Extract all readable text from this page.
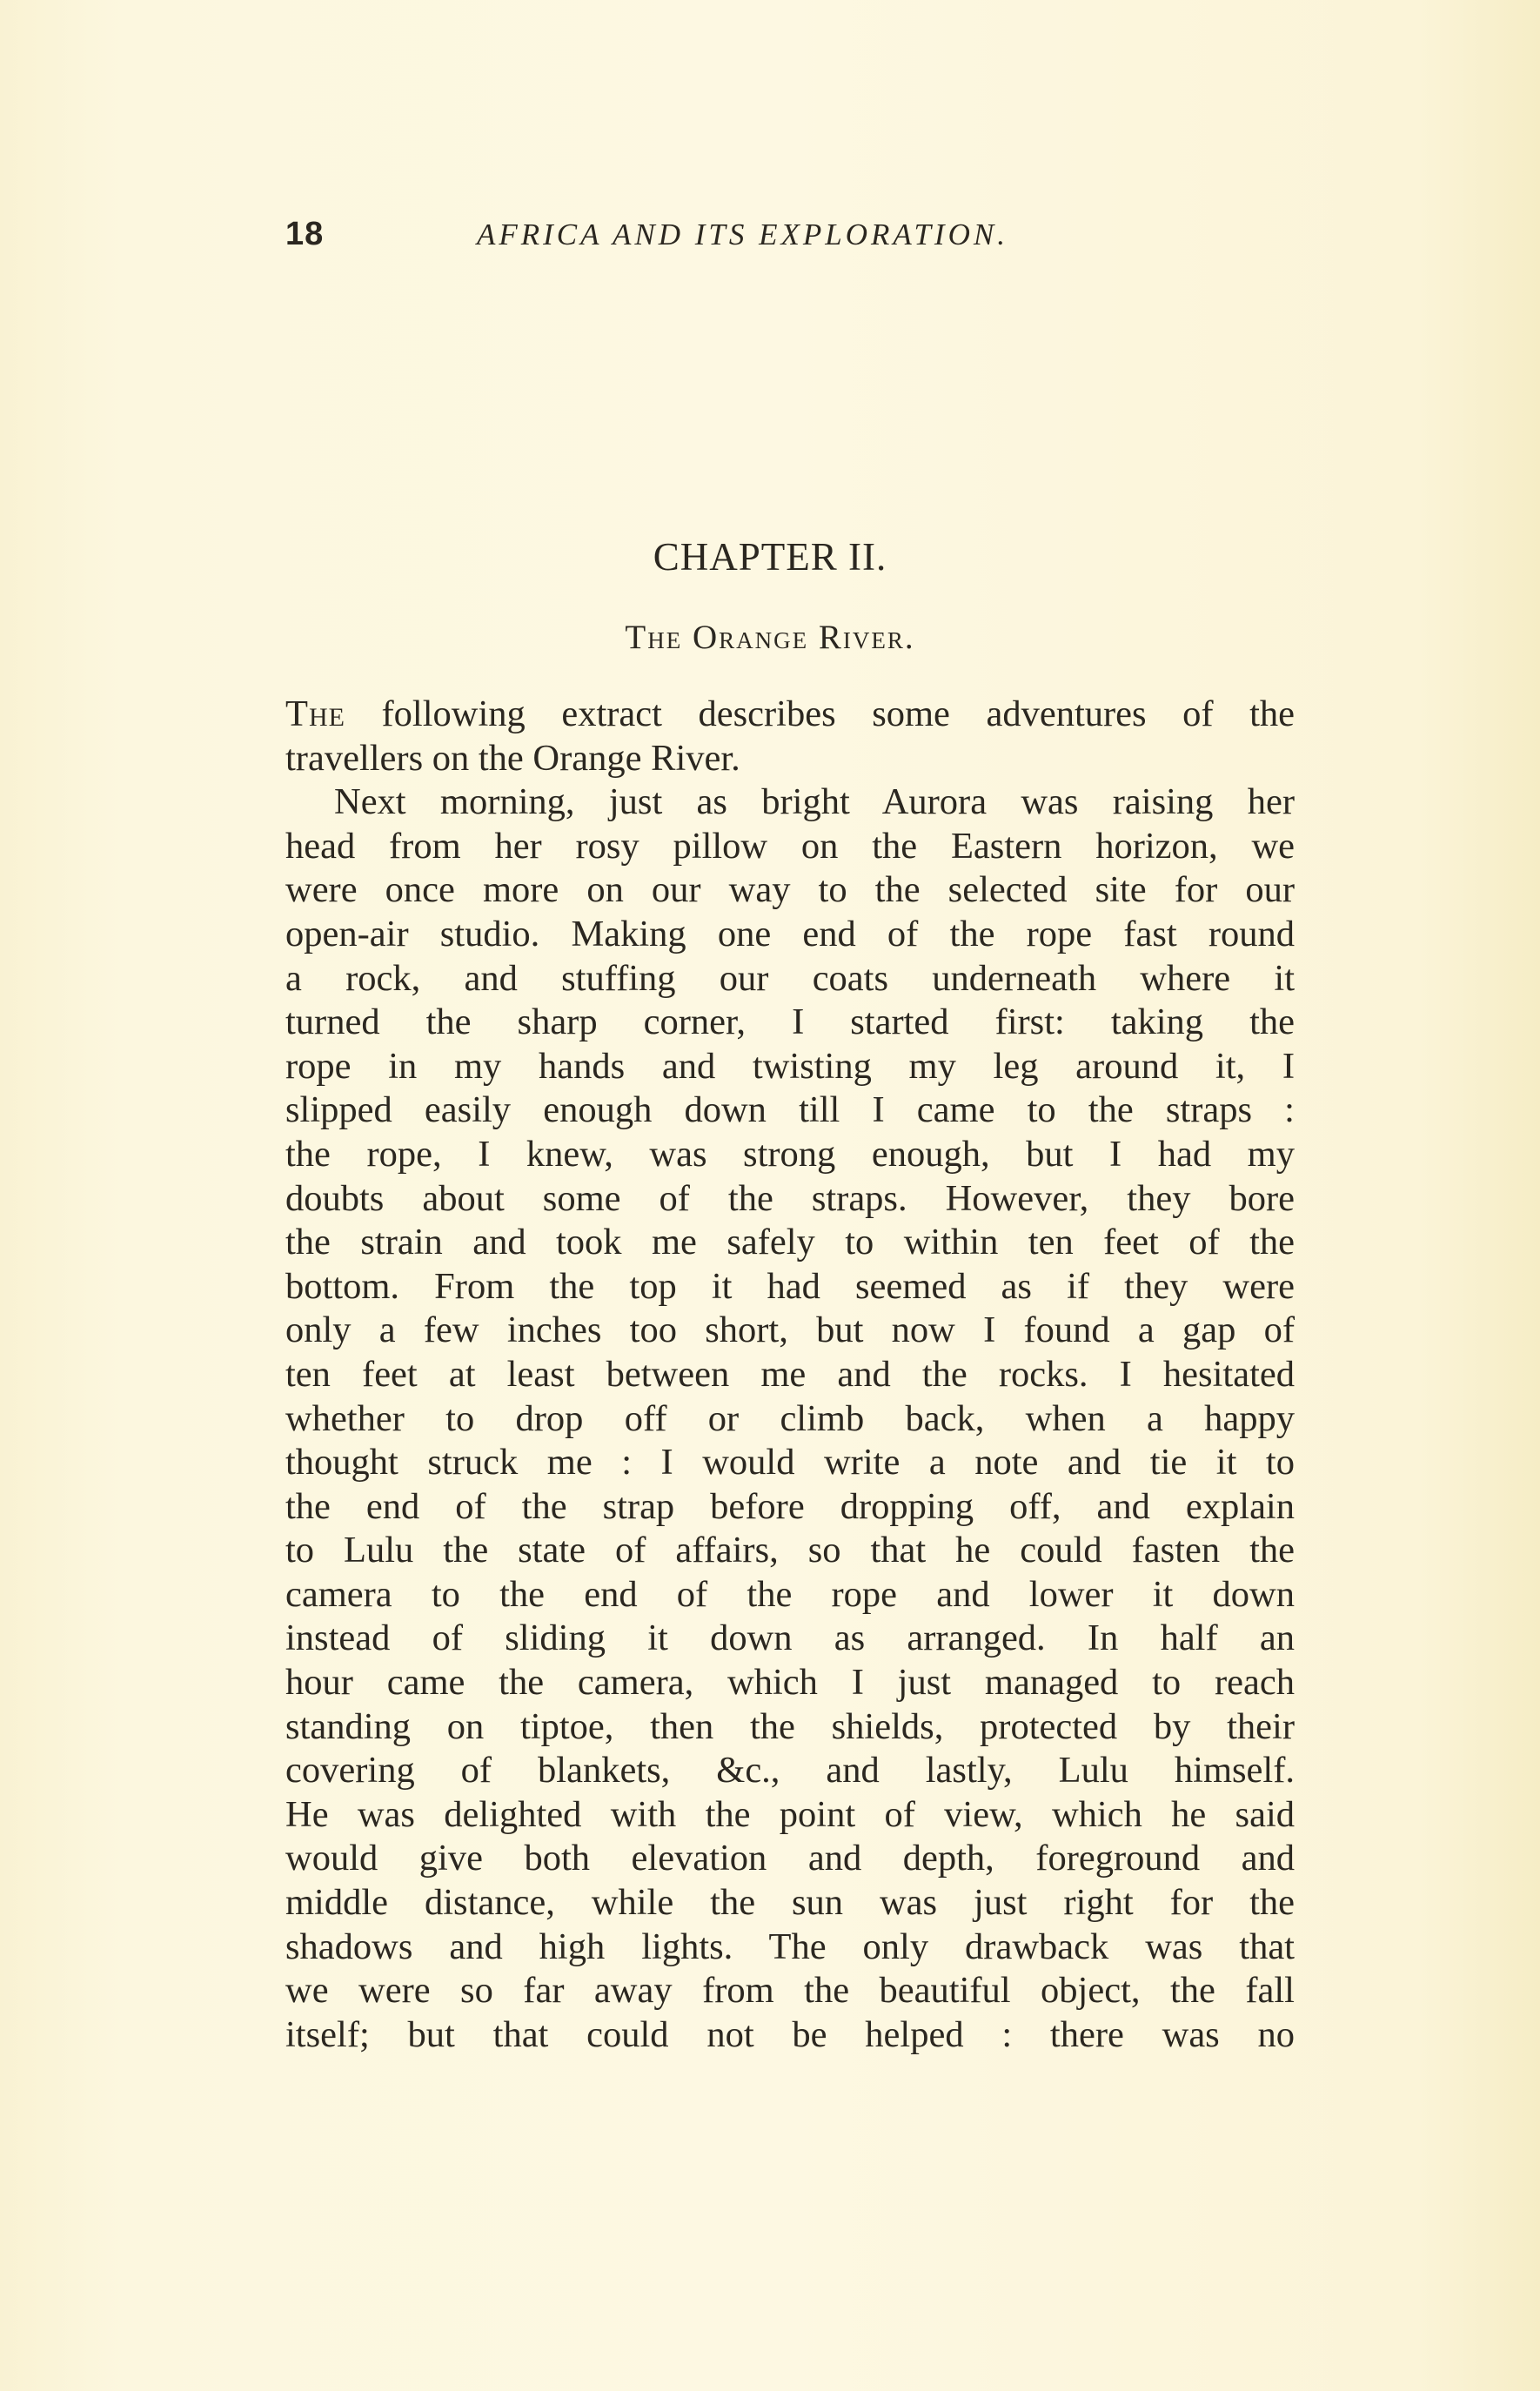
18	AFRICA AND ITS EXPLORATION.
CHAPTER II.
The Orange River.
The following extract describes some adventures of the
travellers on the Orange River.
Next morning, just as bright Aurora was raising her
head from her rosy pillow on the Eastern horizon, we
were once more on our way to the selected site for our
open-air studio. Making one end of the rope fast round
a rock, and stuffing our coats underneath where it
turned the sharp corner, I started first: taking the
rope in my hands and twisting my leg around it, I
slipped easily enough down till I came to the straps :
the rope, I knew, was strong enough, but I had my
doubts about some of the straps. However, they bore
the strain and took me safely to within ten feet of the
bottom. From the top it had seemed as if they were
only a few inches too short, but now I found a gap of
ten feet at least between me and the rocks. I hesitated
whether to drop off or climb back, when a happy
thought struck me : I would write a note and tie it to
the end of the strap before dropping off, and explain
to Lulu the state of affairs, so that he could fasten the
camera to the end of the rope and lower it down
instead of sliding it down as arranged. In half an
hour came the camera, which I just managed to reach
standing on tiptoe, then the shields, protected by their
covering of blankets, &c., and lastly, Lulu himself.
He was delighted with the point of view, which he said
would give both elevation and depth, foreground and
middle distance, while the sun was just right for the
shadows and high lights. The only drawback was that
we were so far away from the beautiful object, the fall
itself; but that could not be helped : there was no
